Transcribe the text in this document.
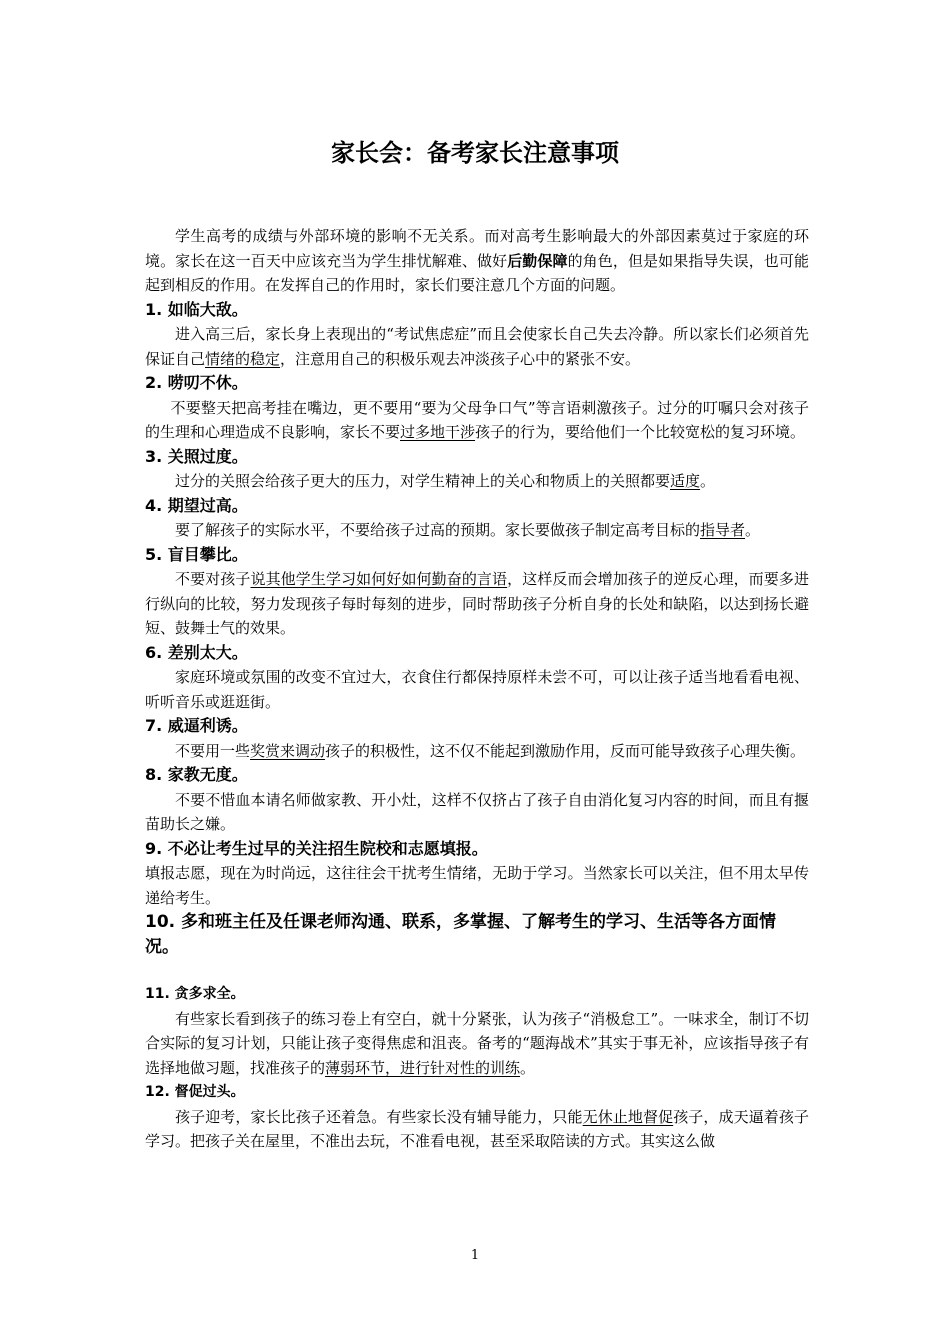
家长会：备考家长注意事项

学生高考的成绩与外部环境的影响不无关系。而对高考生影响最大的外部因素莫过于家庭的环境。家长在这一百天中应该充当为学生排忧解难、做好后勤保障的角色，但是如果指导失误，也可能起到相反的作用。在发挥自己的作用时，家长们要注意几个方面的问题。

1. 如临大敌。

进入高三后，家长身上表现出的“考试焦虑症”而且会使家长自己失去冷静。所以家长们必须首先保证自己情绪的稳定，注意用自己的积极乐观去冲淡孩子心中的紧张不安。

2. 唠叨不休。

不要整天把高考挂在嘴边，更不要用“要为父母争口气”等言语刺激孩子。过分的叮嘱只会对孩子的生理和心理造成不良影响，家长不要过多地干涉孩子的行为，要给他们一个比较宽松的复习环境。

3. 关照过度。

过分的关照会给孩子更大的压力，对学生精神上的关心和物质上的关照都要适度。

4. 期望过高。

要了解孩子的实际水平，不要给孩子过高的预期。家长要做孩子制定高考目标的指导者。

5. 盲目攀比。

不要对孩子说其他学生学习如何好如何勤奋的言语，这样反而会增加孩子的逆反心理，而要多进行纵向的比较，努力发现孩子每时每刻的进步，同时帮助孩子分析自身的长处和缺陷，以达到扬长避短、鼓舞士气的效果。

6. 差别太大。

家庭环境或氛围的改变不宜过大，衣食住行都保持原样未尝不可，可以让孩子适当地看看电视、听听音乐或逛逛街。

7. 威逼利诱。

不要用一些奖赏来调动孩子的积极性，这不仅不能起到激励作用，反而可能导致孩子心理失衡。

8. 家教无度。

不要不惜血本请名师做家教、开小灶，这样不仅挤占了孩子自由消化复习内容的时间，而且有揠苗助长之嫌。

9. 不必让考生过早的关注招生院校和志愿填报。

填报志愿，现在为时尚远，这往往会干扰考生情绪，无助于学习。当然家长可以关注，但不用太早传递给考生。

10. 多和班主任及任课老师沟通、联系，多掌握、了解考生的学习、生活等各方面情况。
11. 贪多求全。

有些家长看到孩子的练习卷上有空白，就十分紧张，认为孩子“消极怠工”。一味求全，制订不切合实际的复习计划，只能让孩子变得焦虑和沮丧。备考的“题海战术”其实于事无补，应该指导孩子有选择地做习题，找准孩子的薄弱环节，进行针对性的训练。

12. 督促过头。

孩子迎考，家长比孩子还着急。有些家长没有辅导能力，只能无休止地督促孩子，成天逼着孩子学习。把孩子关在屋里，不准出去玩，不准看电视，甚至采取陪读的方式。其实这么做

1
